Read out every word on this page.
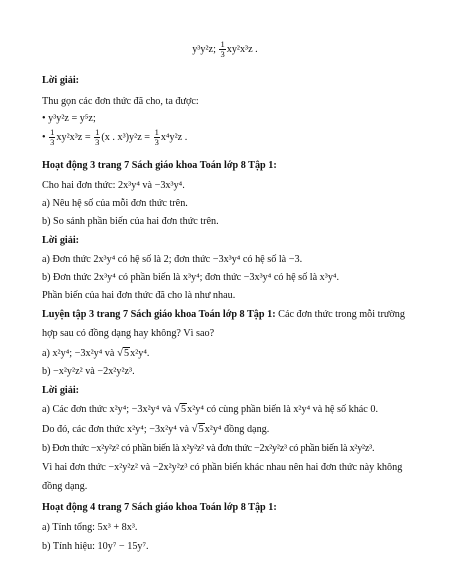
y³y²z; $\frac{1}{3} xy^2x^3z$ .
Lời giải:
Thu gọn các đơn thức đã cho, ta được:
• y³y²z = y⁵z;
• $\frac{1}{3} xy^2x^3z = \frac{1}{3} (x$ . $x^3)y^2z = \frac{1}{3} x^4y^2z$ .
Hoạt động 3 trang 7 Sách giáo khoa Toán lớp 8 Tập 1:
Cho hai đơn thức: 2x³y⁴ và −3x³y⁴.
a) Nêu hệ số của mỗi đơn thức trên.
b) So sánh phần biến của hai đơn thức trên.
Lời giải:
a) Đơn thức 2x³y⁴ có hệ số là 2; đơn thức −3x³y⁴ có hệ số là −3.
b) Đơn thức 2x³y⁴ có phần biến là x³y⁴; đơn thức −3x³y⁴ có hệ số là x³y⁴.
Phần biến của hai đơn thức đã cho là như nhau.
Luyện tập 3 trang 7 Sách giáo khoa Toán lớp 8 Tập 1: Các đơn thức trong mỗi trường
hợp sau có đồng dạng hay không? Vì sao?
a) x²y⁴; −3x²y⁴ và √5x²y⁴.
b) −x²y²z² và −2x²y²z³.
Lời giải:
a) Các đơn thức x²y⁴; −3x²y⁴ và √5x²y⁴ có cùng phần biến là x²y⁴ và hệ số khác 0.
Do đó, các đơn thức x²y⁴; −3x²y⁴ và √5x²y⁴ đồng dạng.
b) Đơn thức −x²y²z² có phần biến là x²y²z² và đơn thức −2x²y²z³ có phần biến là x²y²z³.
Vì hai đơn thức −x²y²z² và −2x²y²z³ có phần biến khác nhau nên hai đơn thức này không
đồng dạng.
Hoạt động 4 trang 7 Sách giáo khoa Toán lớp 8 Tập 1:
a) Tính tổng: 5x³ + 8x³.
b) Tính hiệu: 10y⁷ − 15y⁷.
